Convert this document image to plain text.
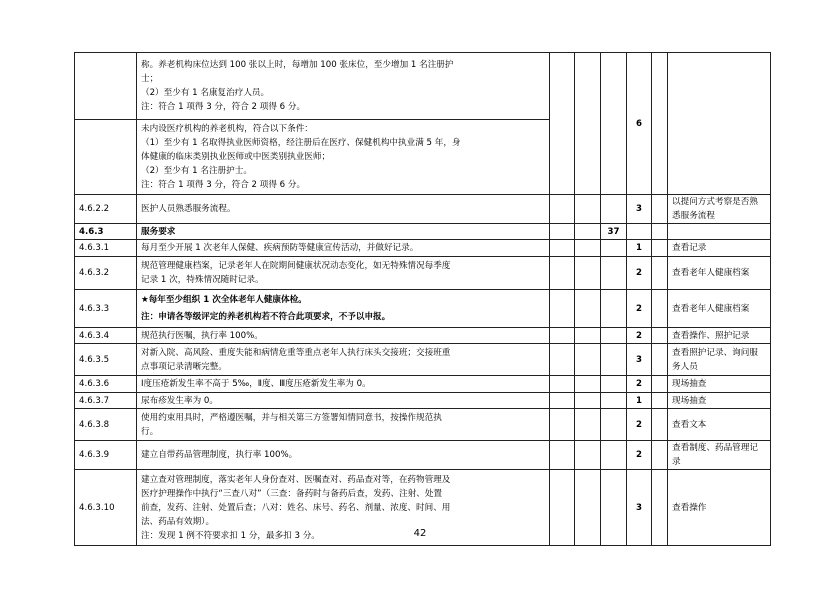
	称。养老机构床位达到 100 张以上时，每增加 100 张床位，至少增加 1 名注册护
士；
（2）至少有 1 名康复治疗人员。
注：符合 1 项得 3 分，符合 2 项得 6 分。				6		

	未内设医疗机构的养老机构，符合以下条件：
（1）至少有 1 名取得执业医师资格，经注册后在医疗、保健机构中执业满 5 年，身
体健康的临床类别执业医师或中医类别执业医师；
（2）至少有 1 名注册护士。
注：符合 1 项得 3 分，符合 2 项得 6 分。						

4.6.2.2	医护人员熟悉服务流程。				3		以提问方式考察是否熟悉服务流程
4.6.3	服务要求			37			
4.6.3.1	每月至少开展 1 次老年人保健、疾病预防等健康宣传活动，并做好记录。				1		查看记录
4.6.3.2	规范管理健康档案，记录老年人在院期间健康状况动态变化，如无特殊情况每季度
记录 1 次，特殊情况随时记录。				2		查看老年人健康档案
4.6.3.3	★每年至少组织 1 次全体老年人健康体检。
注：申请各等级评定的养老机构若不符合此项要求，不予以申报。				2		查看老年人健康档案
4.6.3.4	规范执行医嘱，执行率 100%。				2		查看操作、照护记录
4.6.3.5	对新入院、高风险、重度失能和病情危重等重点老年人执行床头交接班；交接班重
点事项记录清晰完整。				3		查看照护记录、询问服务人员
4.6.3.6	Ⅰ度压疮新发生率不高于 5‰，Ⅱ度、Ⅲ度压疮新发生率为 0。				2		现场抽查
4.6.3.7	尿布疹发生率为 0。				1		现场抽查
4.6.3.8	使用约束用具时，严格遵医嘱，并与相关第三方签署知情同意书，按操作规范执
行。				2		查看文本
4.6.3.9	建立自带药品管理制度，执行率 100%。				2		查看制度、药品管理记录
4.6.3.10	建立查对管理制度，落实老年人身份查对、医嘱查对、药品查对等，在药物管理及
医疗护理操作中执行“三查八对”（三查：备药时与备药后查，发药、注射、处置
前查，发药、注射、处置后查；八对：姓名、床号、药名、剂量、浓度、时间、用
法、药品有效期）。
注：发现 1 例不符要求扣 1 分，最多扣 3 分。				3		查看操作
42
